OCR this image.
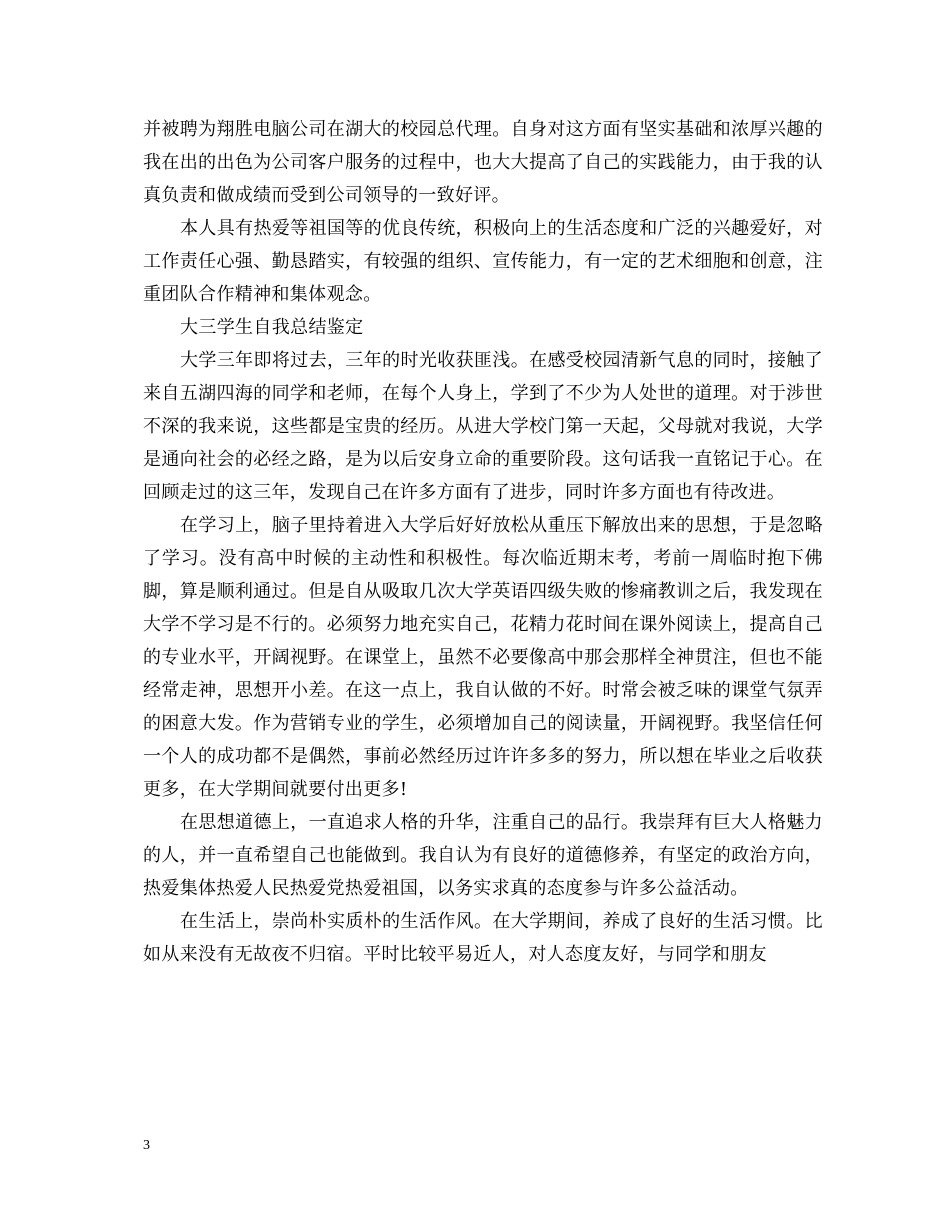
并被聘为翔胜电脑公司在湖大的校园总代理。自身对这方面有坚实基础和浓厚兴趣的我在出的出色为公司客户服务的过程中，也大大提高了自己的实践能力，由于我的认真负责和做成绩而受到公司领导的一致好评。

本人具有热爱等祖国等的优良传统，积极向上的生活态度和广泛的兴趣爱好，对工作责任心强、勤恳踏实，有较强的组织、宣传能力，有一定的艺术细胞和创意，注重团队合作精神和集体观念。

大三学生自我总结鉴定

大学三年即将过去，三年的时光收获匪浅。在感受校园清新气息的同时，接触了来自五湖四海的同学和老师，在每个人身上，学到了不少为人处世的道理。对于涉世不深的我来说，这些都是宝贵的经历。从进大学校门第一天起，父母就对我说，大学是通向社会的必经之路，是为以后安身立命的重要阶段。这句话我一直铭记于心。在回顾走过的这三年，发现自己在许多方面有了进步，同时许多方面也有待改进。

在学习上，脑子里持着进入大学后好好放松从重压下解放出来的思想，于是忽略了学习。没有高中时候的主动性和积极性。每次临近期末考，考前一周临时抱下佛脚，算是顺利通过。但是自从吸取几次大学英语四级失败的惨痛教训之后，我发现在大学不学习是不行的。必须努力地充实自己，花精力花时间在课外阅读上，提高自己的专业水平，开阔视野。在课堂上，虽然不必要像高中那会那样全神贯注，但也不能经常走神，思想开小差。在这一点上，我自认做的不好。时常会被乏味的课堂气氛弄的困意大发。作为营销专业的学生，必须增加自己的阅读量，开阔视野。我坚信任何一个人的成功都不是偶然，事前必然经历过许许多多的努力，所以想在毕业之后收获更多，在大学期间就要付出更多!

在思想道德上，一直追求人格的升华，注重自己的品行。我崇拜有巨大人格魅力的人，并一直希望自己也能做到。我自认为有良好的道德修养，有坚定的政治方向，热爱集体热爱人民热爱党热爱祖国，以务实求真的态度参与许多公益活动。

在生活上，崇尚朴实质朴的生活作风。在大学期间，养成了良好的生活习惯。比如从来没有无故夜不归宿。平时比较平易近人，对人态度友好，与同学和朋友

3
